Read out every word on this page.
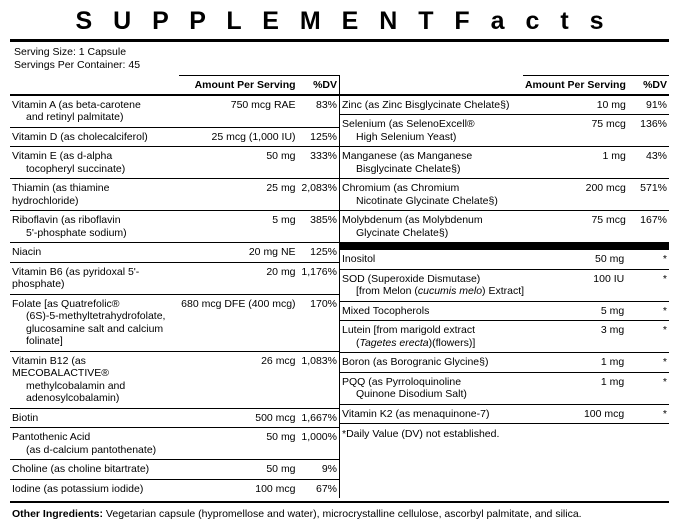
S U P P L E M E N T F a c t s
Serving Size: 1 Capsule
Servings Per Container: 45
	Amount Per Serving	%DV
Vitamin A (as beta-carotene
and retinyl palmitate)	750 mcg RAE	83%
Vitamin D (as cholecalciferol)	25 mcg (1,000 IU)	125%
Vitamin E (as d-alpha
tocopheryl succinate)	50 mg	333%
Thiamin (as thiamine hydrochloride)	25 mg	2,083%
Riboflavin (as riboflavin
5'-phosphate sodium)	5 mg	385%
Niacin	20 mg NE	125%
Vitamin B6 (as pyridoxal 5'-phosphate)	20 mg	1,176%
Folate [as Quatrefolic®
(6S)-5-methyltetrahydrofolate,
glucosamine salt and calcium folinate]	680 mcg DFE (400 mcg)	170%
Vitamin B12 (as MECOBALACTIVE®
methylcobalamin and adenosylcobalamin)	26 mcg	1,083%
Biotin	500 mcg	1,667%
Pantothenic Acid
(as d-calcium pantothenate)	50 mg	1,000%
Choline (as choline bitartrate)	50 mg	9%
Iodine (as potassium iodide)	100 mcg	67%
	Amount Per Serving	%DV
Zinc (as Zinc Bisglycinate Chelate§)	10 mg	91%
Selenium (as SelenoExcell®
High Selenium Yeast)	75 mcg	136%
Manganese (as Manganese
Bisglycinate Chelate§)	1 mg	43%
Chromium (as Chromium
Nicotinate Glycinate Chelate§)	200 mcg	571%
Molybdenum (as Molybdenum
Glycinate Chelate§)	75 mcg	167%
Inositol	50 mg	*
SOD (Superoxide Dismutase)
[from Melon (cucumis melo) Extract]	100 IU	*
Mixed Tocopherols	5 mg	*
Lutein [from marigold extract
(Tagetes erecta)(flowers)]	3 mg	*
Boron (as Borogranic Glycine§)	1 mg	*
PQQ (as Pyrroloquinoline
Quinone Disodium Salt)	1 mg	*
Vitamin K2 (as menaquinone-7)	100 mcg	*
*Daily Value (DV) not established.
Other Ingredients: Vegetarian capsule (hypromellose and water), microcrystalline cellulose, ascorbyl palmitate, and silica.
